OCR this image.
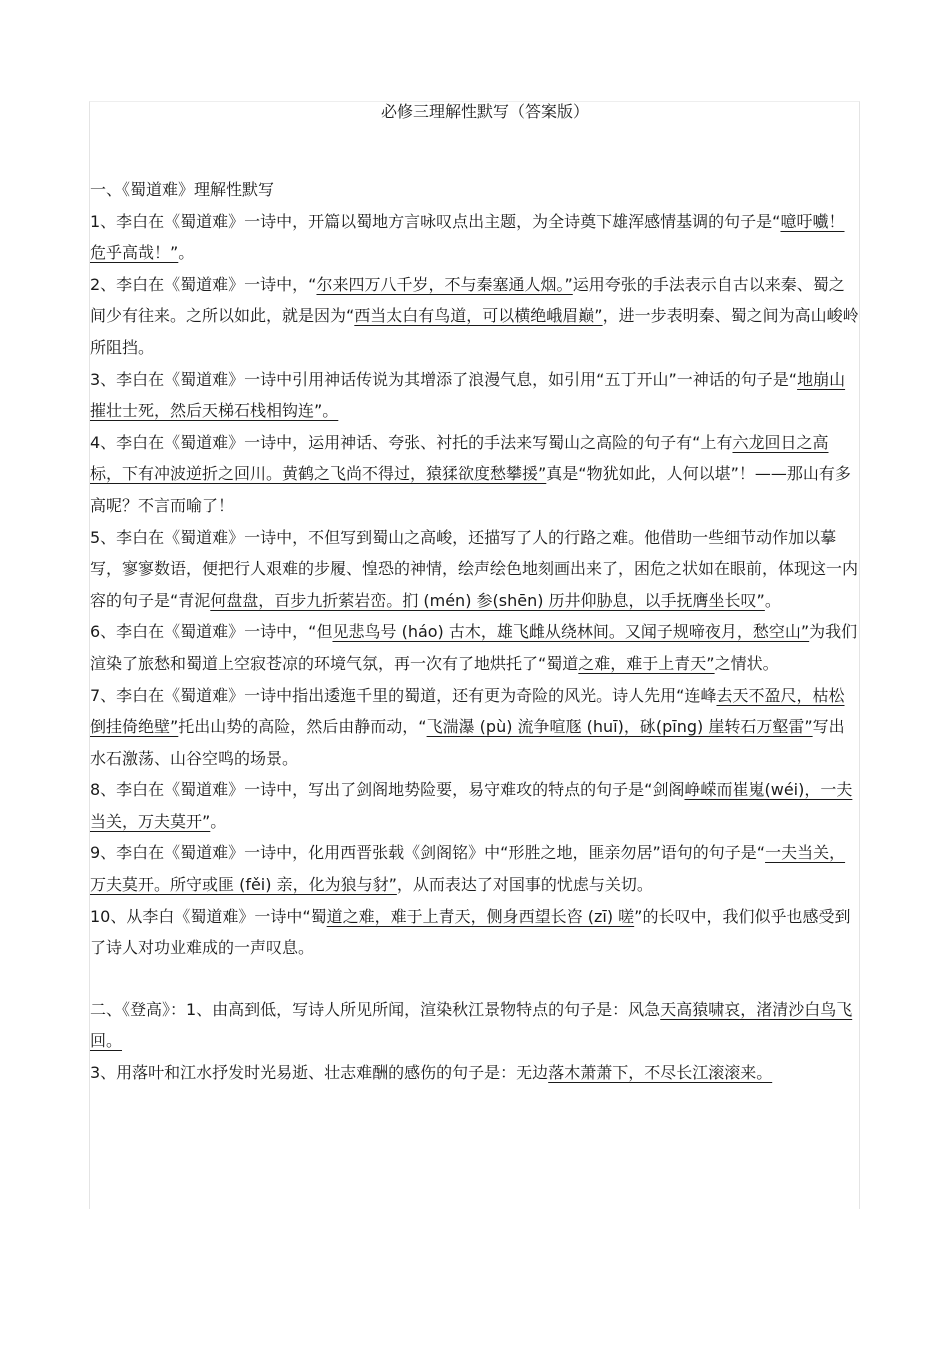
必修三理解性默写（答案版）

一、《蜀道难》理解性默写

1、李白在《蜀道难》一诗中，开篇以蜀地方言咏叹点出主题，为全诗奠下雄浑感情基调的句子是“噫吁嚱！危乎高哉！”。

2、李白在《蜀道难》一诗中，“尔来四万八千岁，不与秦塞通人烟。”运用夸张的手法表示自古以来秦、蜀之间少有往来。之所以如此，就是因为“西当太白有鸟道，可以横绝峨眉巅”，进一步表明秦、蜀之间为高山峻岭所阻挡。

3、李白在《蜀道难》一诗中引用神话传说为其增添了浪漫气息，如引用“五丁开山”一神话的句子是“地崩山摧壮士死，然后天梯石栈相钩连”。

4、李白在《蜀道难》一诗中，运用神话、夸张、衬托的手法来写蜀山之高险的句子有“上有六龙回日之高标，下有冲波逆折之回川。黄鹤之飞尚不得过，猿猱欲度愁攀援”真是“物犹如此，人何以堪”！——那山有多高呢？不言而喻了！

5、李白在《蜀道难》一诗中，不但写到蜀山之高峻，还描写了人的行路之难。他借助一些细节动作加以摹写，寥寥数语，便把行人艰难的步履、惶恐的神情，绘声绘色地刻画出来了，困危之状如在眼前，体现这一内容的句子是“青泥何盘盘，百步九折萦岩峦。扪 (mén) 参(shēn) 历井仰胁息，以手抚膺坐长叹”。

6、李白在《蜀道难》一诗中，“但见悲鸟号 (háo) 古木，雄飞雌从绕林间。又闻子规啼夜月，愁空山”为我们渲染了旅愁和蜀道上空寂苍凉的环境气氛，再一次有了地烘托了“蜀道之难，难于上青天”之情状。

7、李白在《蜀道难》一诗中指出逶迤千里的蜀道，还有更为奇险的风光。诗人先用“连峰去天不盈尺，枯松倒挂倚绝壁”托出山势的高险，然后由静而动，“飞湍瀑 (pù) 流争喧豗 (huī)，砯(pīng) 崖转石万壑雷”写出水石激荡、山谷空鸣的场景。

8、李白在《蜀道难》一诗中，写出了剑阁地势险要，易守难攻的特点的句子是“剑阁峥嵘而崔嵬(wéi)，一夫当关，万夫莫开”。

9、李白在《蜀道难》一诗中，化用西晋张载《剑阁铭》中“形胜之地，匪亲勿居”语句的句子是“一夫当关，万夫莫开。所守或匪 (fěi) 亲，化为狼与豺”，从而表达了对国事的忧虑与关切。

10、从李白《蜀道难》一诗中“蜀道之难，难于上青天，侧身西望长咨 (zī) 嗟”的长叹中，我们似乎也感受到了诗人对功业难成的一声叹息。

二、《登高》：1、由高到低，写诗人所见所闻，渲染秋江景物特点的句子是：风急天高猿啸哀，渚清沙白鸟飞回。

3、用落叶和江水抒发时光易逝、壮志难酬的感伤的句子是：无边落木萧萧下，不尽长江滚滚来。
